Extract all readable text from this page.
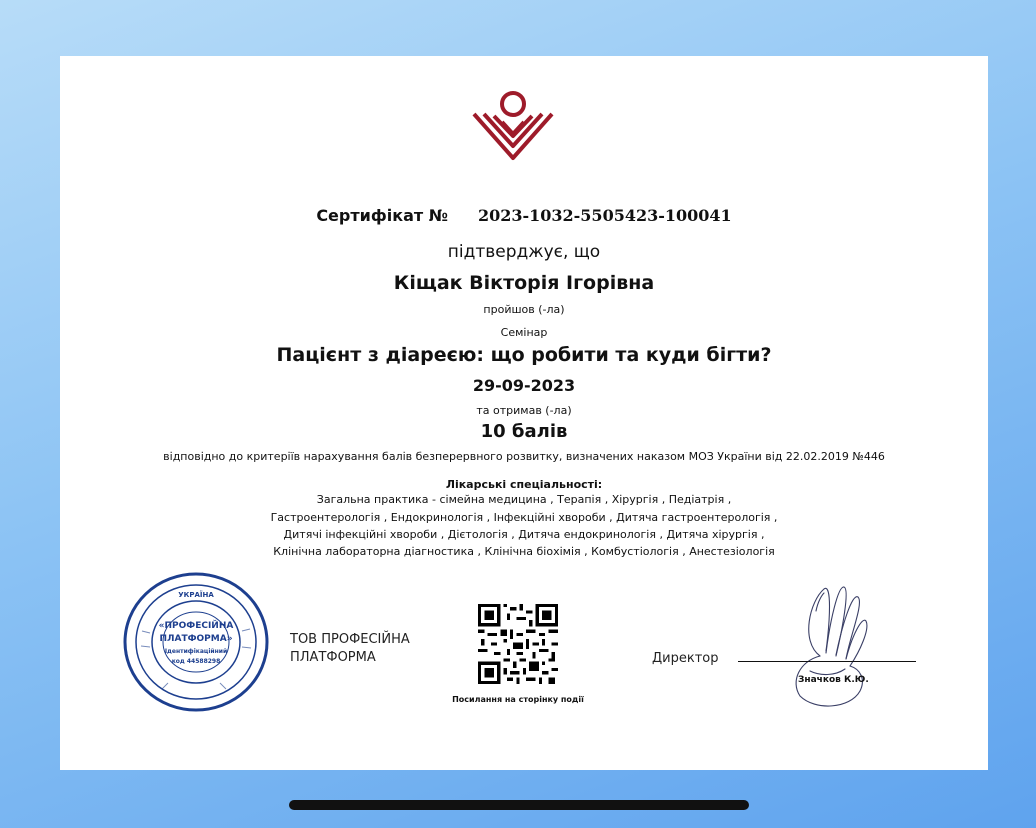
Сертифікат № 2023-1032-5505423-100041
підтверджує, що
Кіщак Вікторія Ігорівна
пройшов (-ла)
Семінар
Пацієнт з діареєю: що робити та куди бігти?
29-09-2023
та отримав (-ла)
10 балів
відповідно до критеріїв нарахування балів безперервного розвитку, визначених наказом МОЗ України від 22.02.2019 №446
Лікарські спеціальності:
Загальна практика - сімейна медицина , Терапія , Хірургія , Педіатрія ,
Гастроентерологія , Ендокринологія , Інфекційні хвороби , Дитяча гастроентерологія ,
Дитячі інфекційні хвороби , Дієтологія , Дитяча ендокринологія , Дитяча хірургія ,
Клінічна лабораторна діагностика , Клінічна біохімія , Комбустіологія , Анестезіологія
УКРАЇНА
«ПРОФЕСІЙНА
ПЛАТФОРМА»
Ідентифікаційний
код 44588298
ТОВ ПРОФЕСІЙНА
ПЛАТФОРМА
Посилання на сторінку події
Директор
Значков К.Ю.
